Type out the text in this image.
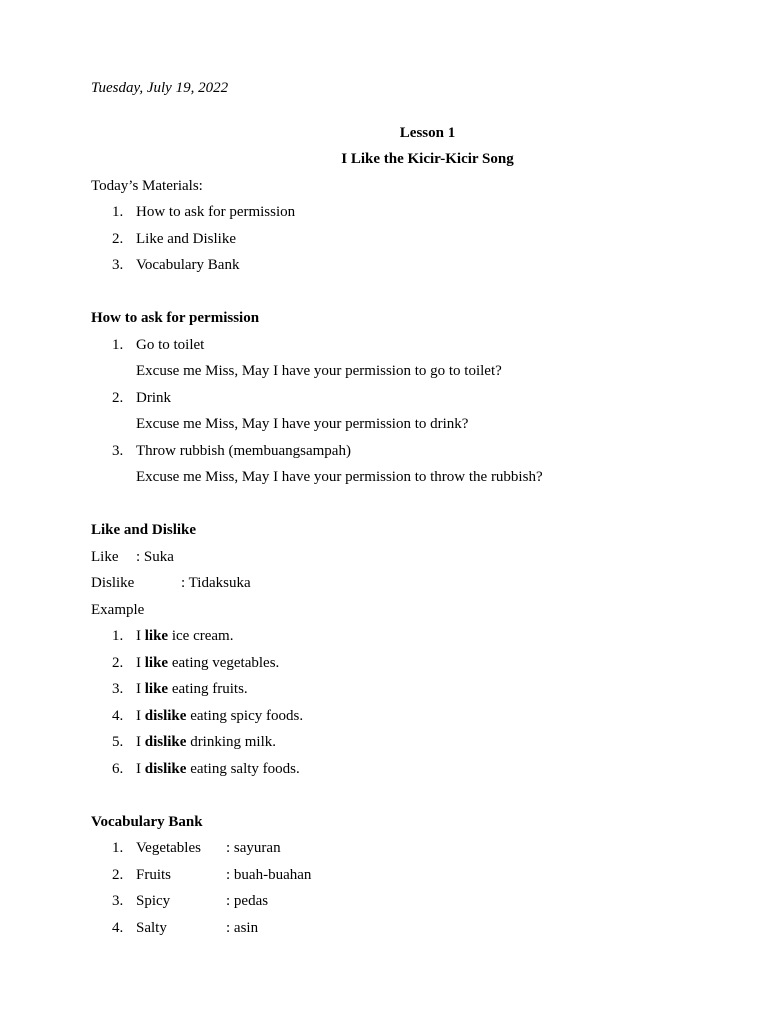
Tuesday, July 19, 2022
Lesson 1
I Like the Kicir-Kicir Song
Today’s Materials:
1. How to ask for permission
2. Like and Dislike
3. Vocabulary Bank
How to ask for permission
1. Go to toilet
Excuse me Miss, May I have your permission to go to toilet?
2. Drink
Excuse me Miss, May I have your permission to drink?
3. Throw rubbish (membuangsampah)
Excuse me Miss, May I have your permission to throw the rubbish?
Like and Dislike
Like : Suka
Dislike	: Tidaksuka
Example
1. I like ice cream.
2. I like eating vegetables.
3. I like eating fruits.
4. I dislike eating spicy foods.
5. I dislike drinking milk.
6. I dislike eating salty foods.
Vocabulary Bank
1. Vegetables : sayuran
2. Fruits	: buah-buahan
3. Spicy	: pedas
4. Salty	: asin
